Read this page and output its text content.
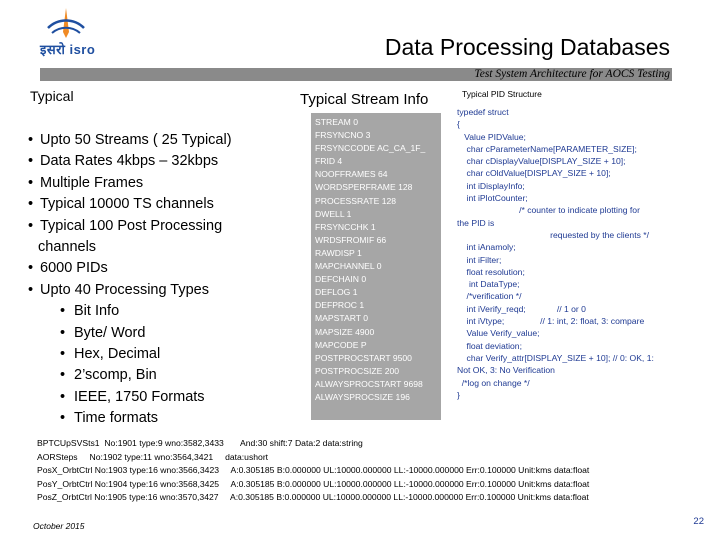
इसरो isro	Data Processing Databases
Test System Architecture for AOCS Testing
Typical
• Upto 50 Streams ( 25 Typical)
• Data Rates 4kbps – 32kbps
• Multiple Frames
• Typical 10000 TS channels
• Typical 100 Post Processing
channels
• 6000 PIDs
• Upto 40 Processing Types
• Bit Info
• Byte/ Word
• Hex, Decimal
• 2’scomp, Bin
• IEEE, 1750 Formats
• Time formats
Typical Stream Info
STREAM 0
FRSYNCNO 3
FRSYNCCODE AC_CA_1F_
FRID 4
NOOFFRAMES 64
WORDSPERFRAME 128
PROCESSRATE 128
DWELL 1
FRSYNCCHK 1
WRDSFROMIF 66
RAWDISP 1
MAPCHANNEL 0
DEFCHAIN 0
DEFLOG 1
DEFPROC 1
MAPSTART 0
MAPSIZE 4900
MAPCODE P
POSTPROCSTART 9500
POSTPROCSIZE 200
ALWAYSPROCSTART 9698
ALWAYSPROCSIZE 196
Typical PID Structure
typedef struct
{
Value PIDValue;
char cParameterName[PARAMETER_SIZE];
char cDisplayValue[DISPLAY_SIZE + 10];
char cOldValue[DISPLAY_SIZE + 10];
int iDisplayInfo;
int iPlotCounter;
/* counter to indicate plotting for
the PID is
requested by the clients */
int iAnamoly;
int iFilter;
float resolution;
int DataType;
/*verification */
int iVerify_reqd;             // 1 or 0
int iVtype;               // 1: int, 2: float, 3: compare
Value Verify_value;
float deviation;
char Verify_attr[DISPLAY_SIZE + 10]; // 0: OK, 1:
Not OK, 3: No Verification
/*log on change */
}
BPTCUpSVSts1  No:1901 type:9 wno:3582,3433       And:30 shift:7 Data:2 data:string
AORSteps     No:1902 type:11 wno:3564,3421     data:ushort
PosX_OrbtCtrl No:1903 type:16 wno:3566,3423     A:0.305185 B:0.000000 UL:10000.000000 LL:-10000.000000 Err:0.100000 Unit:kms data:float
PosY_OrbtCtrl No:1904 type:16 wno:3568,3425     A:0.305185 B:0.000000 UL:10000.000000 LL:-10000.000000 Err:0.100000 Unit:kms data:float
PosZ_OrbtCtrl No:1905 type:16 wno:3570,3427     A:0.305185 B:0.000000 UL:10000.000000 LL:-10000.000000 Err:0.100000 Unit:kms data:float
October 2015	22
